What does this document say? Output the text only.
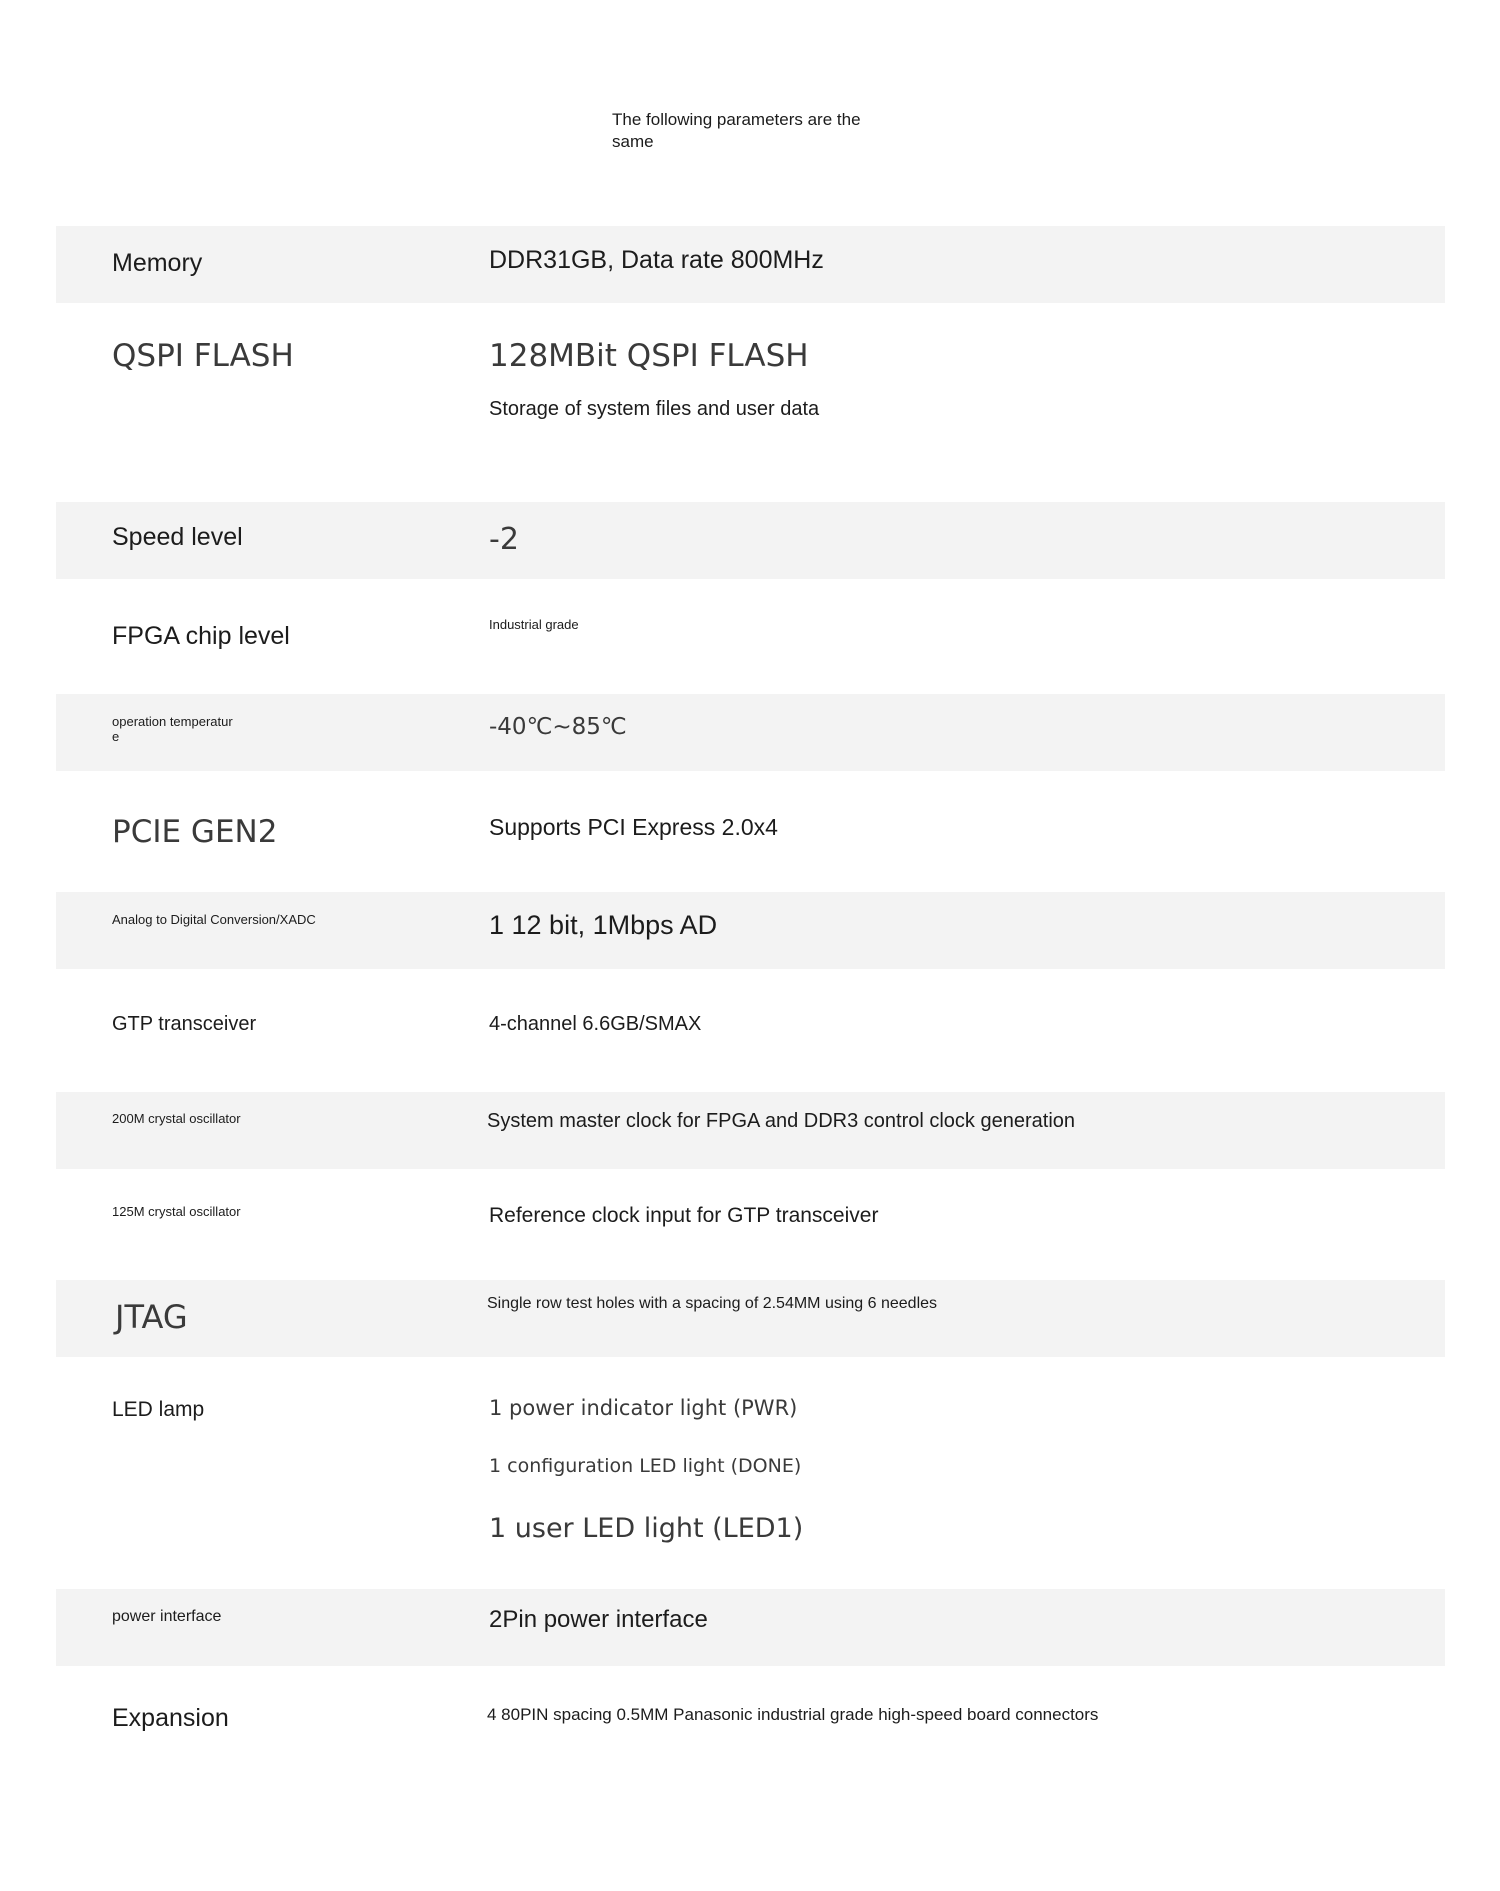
The following parameters are the same
Memory	DDR31GB, Data rate 800MHz
QSPI FLASH	128MBit QSPI FLASH
Storage of system files and user data
Speed level	-2
FPGA chip level	Industrial grade
operation temperatur e	-40℃~85℃
PCIE GEN2	Supports PCI Express 2.0x4
Analog to Digital Conversion/XADC	1 12 bit, 1Mbps AD
GTP transceiver	4-channel 6.6GB/SMAX
200M crystal oscillator	System master clock for FPGA and DDR3 control clock generation
125M crystal oscillator	Reference clock input for GTP transceiver
JTAG	Single row test holes with a spacing of 2.54MM using 6 needles
LED lamp	1 power indicator light (PWR)
1 configuration LED light (DONE)
1 user LED light (LED1)
power interface	2Pin power interface
Expansion	4 80PIN spacing 0.5MM Panasonic industrial grade high-speed board connectors
